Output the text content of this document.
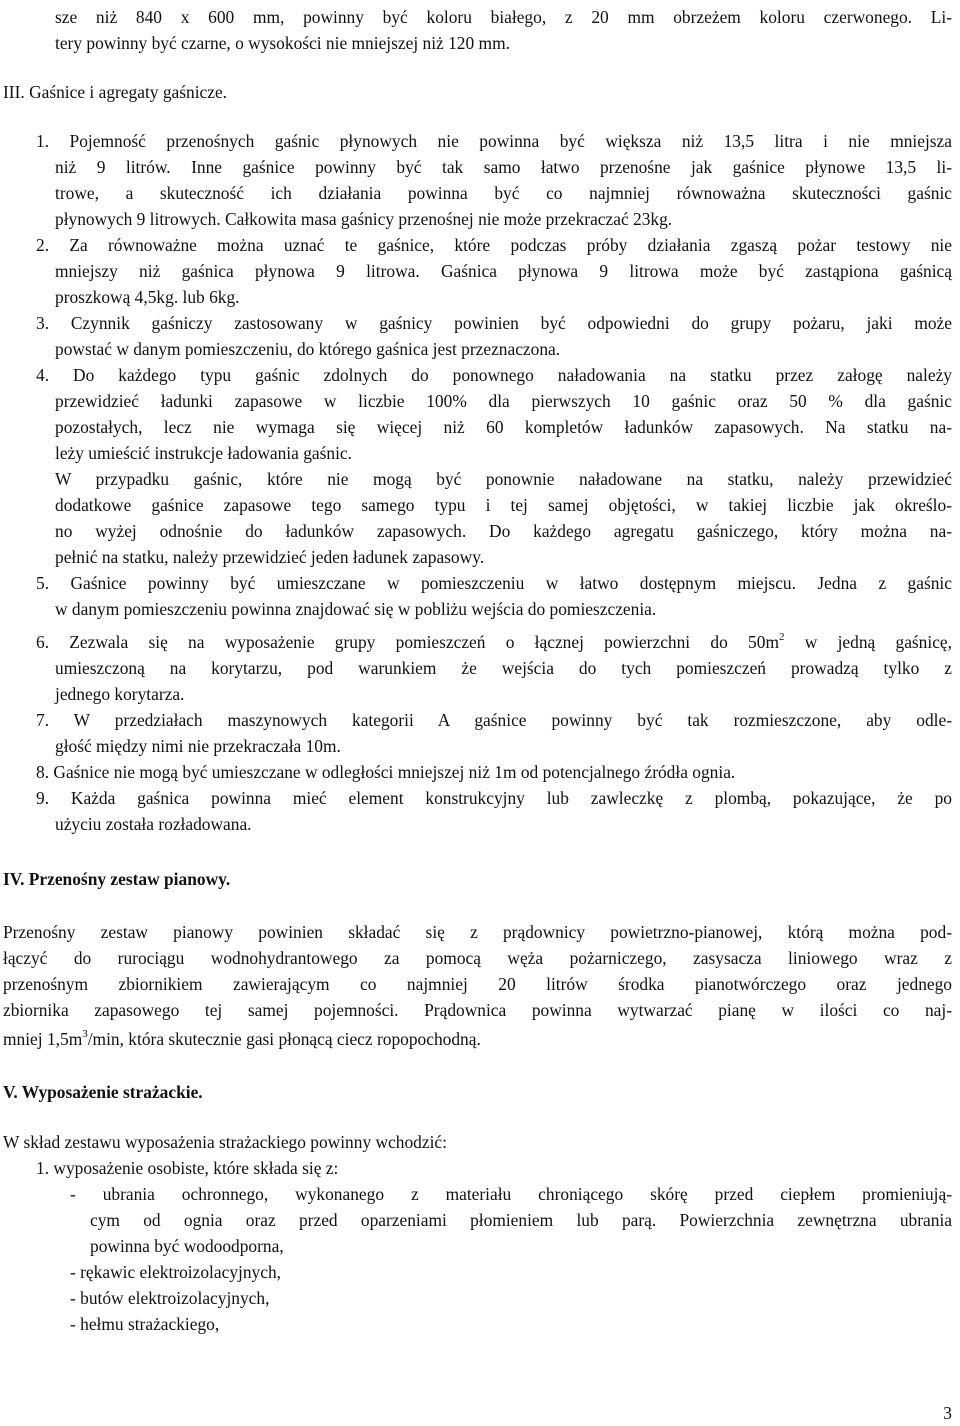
sze niż 840 x 600 mm, powinny być koloru białego, z 20 mm obrzeżem koloru czerwonego. Li-
tery powinny być czarne, o wysokości nie mniejszej niż 120 mm.
III. Gaśnice i agregaty gaśnicze.
1. Pojemność przenośnych gaśnic płynowych nie powinna być większa niż 13,5 litra i nie mniejsza
niż 9 litrów. Inne gaśnice powinny być tak samo łatwo przenośne jak gaśnice płynowe 13,5 li-
trowe, a skuteczność ich działania powinna być co najmniej równoważna skuteczności gaśnic
płynowych 9 litrowych. Całkowita masa gaśnicy przenośnej nie może przekraczać 23kg.
2. Za równoważne można uznać te gaśnice, które podczas próby działania zgaszą pożar testowy nie
mniejszy niż gaśnica płynowa 9 litrowa. Gaśnica płynowa 9 litrowa może być zastąpiona gaśnicą
proszkową 4,5kg. lub 6kg.
3. Czynnik gaśniczy zastosowany w gaśnicy powinien być odpowiedni do grupy pożaru, jaki może
powstać w danym pomieszczeniu, do którego gaśnica jest przeznaczona.
4. Do każdego typu gaśnic zdolnych do ponownego naładowania na statku przez załogę należy
przewidzieć ładunki zapasowe w liczbie 100% dla pierwszych 10 gaśnic oraz 50 % dla gaśnic
pozostałych, lecz nie wymaga się więcej niż 60 kompletów ładunków zapasowych. Na statku na-
leży umieścić instrukcje ładowania gaśnic.
W przypadku gaśnic, które nie mogą być ponownie naładowane na statku, należy przewidzieć
dodatkowe gaśnice zapasowe tego samego typu i tej samej objętości, w takiej liczbie jak określo-
no wyżej odnośnie do ładunków zapasowych. Do każdego agregatu gaśniczego, który można na-
pełnić na statku, należy przewidzieć jeden ładunek zapasowy.
5. Gaśnice powinny być umieszczane w pomieszczeniu w łatwo dostępnym miejscu. Jedna z gaśnic
w danym pomieszczeniu powinna znajdować się w pobliżu wejścia do pomieszczenia.
6. Zezwala się na wyposażenie grupy pomieszczeń o łącznej powierzchni do $50m^2$ w jedną gaśnicę,
umieszczoną na korytarzu, pod warunkiem że wejścia do tych pomieszczeń prowadzą tylko z
jednego korytarza.
7. W przedziałach maszynowych kategorii A gaśnice powinny być tak rozmieszczone, aby odle-
głość między nimi nie przekraczała 10m.
8. Gaśnice nie mogą być umieszczane w odległości mniejszej niż 1m od potencjalnego źródła ognia.
9. Każda gaśnica powinna mieć element konstrukcyjny lub zawleczkę z plombą, pokazujące, że po
użyciu została rozładowana.
IV. Przenośny zestaw pianowy.
Przenośny zestaw pianowy powinien składać się z prądownicy powietrzno-pianowej, którą można pod-
łączyć do rurociągu wodnohydrantowego za pomocą węża pożarniczego, zasysacza liniowego wraz z
przenośnym zbiornikiem zawierającym co najmniej 20 litrów środka pianotwórczego oraz jednego
zbiornika zapasowego tej samej pojemności. Prądownica powinna wytwarzać pianę w ilości co naj-
mniej $1,5m^3/\min$, która skutecznie gasi płonącą ciecz ropopochodną.
V. Wyposażenie strażackie.
W skład zestawu wyposażenia strażackiego powinny wchodzić:
1. wyposażenie osobiste, które składa się z:
- ubrania ochronnego, wykonanego z materiału chroniącego skórę przed ciepłem promieniują-
cym od ognia oraz przed oparzeniami płomieniem lub parą. Powierzchnia zewnętrzna ubrania
powinna być wodoodporna,
- rękawic elektroizolacyjnych,
- butów elektroizolacyjnych,
- hełmu strażackiego,
3
